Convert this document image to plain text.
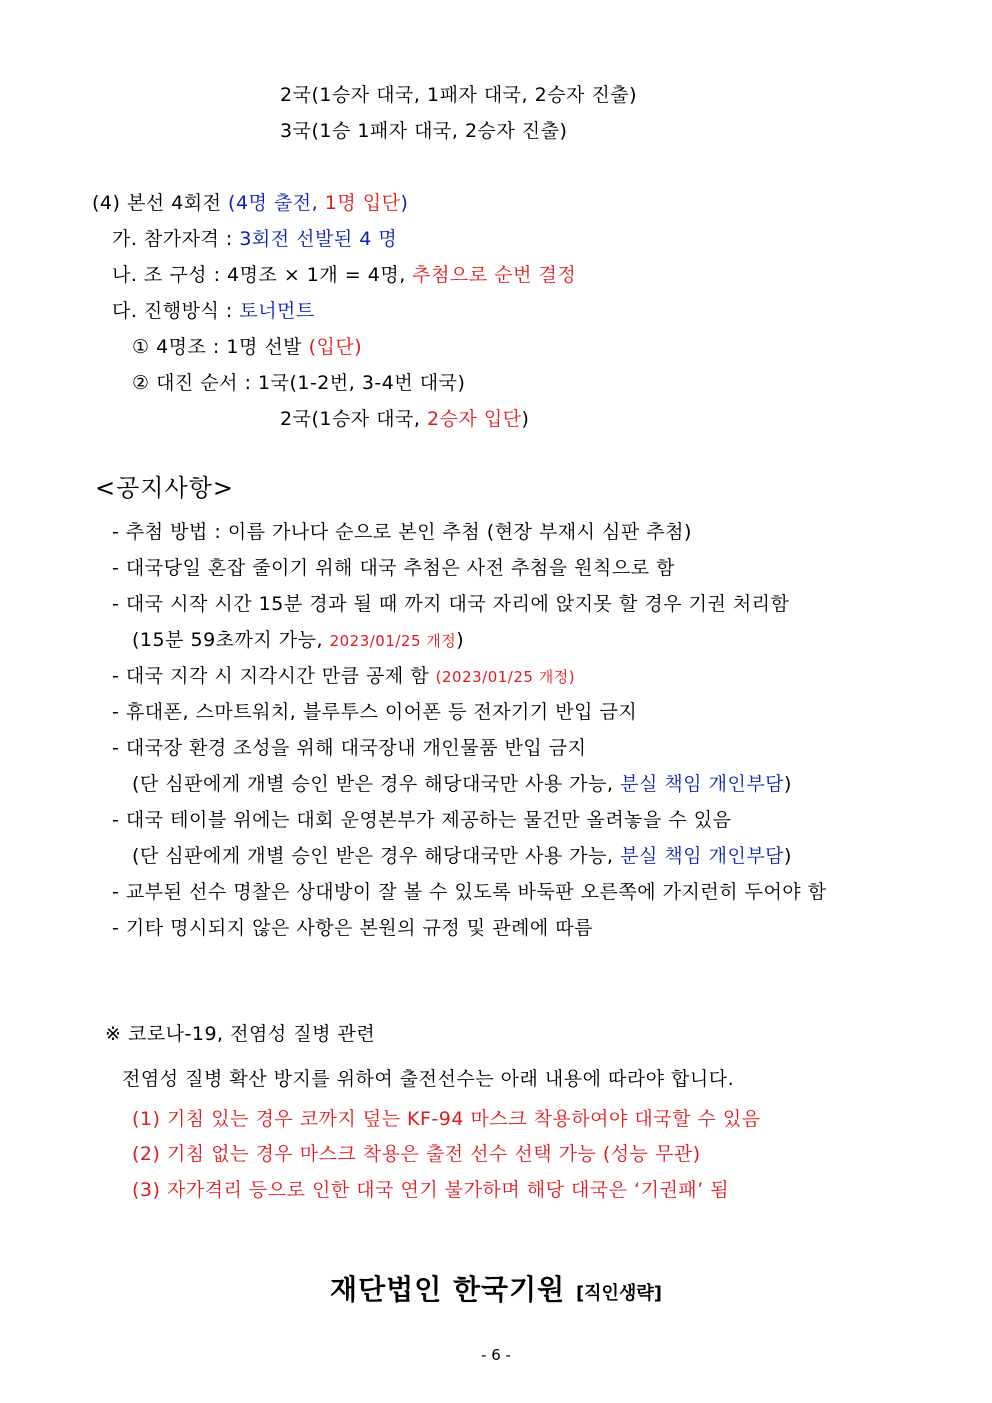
2국(1승자 대국, 1패자 대국, 2승자 진출)
3국(1승 1패자 대국, 2승자 진출)
(4) 본선 4회전 (4명 출전, 1명 입단)
가. 참가자격 : 3회전 선발된 4 명
나. 조 구성 : 4명조 × 1개 = 4명, 추첨으로 순번 결정
다. 진행방식 : 토너먼트
① 4명조 : 1명 선발 (입단)
② 대진 순서 : 1국(1-2번, 3-4번 대국)
2국(1승자 대국, 2승자 입단)
<공지사항>
- 추첨 방법 : 이름 가나다 순으로 본인 추첨 (현장 부재시 심판 추첨)
- 대국당일 혼잡 줄이기 위해 대국 추첨은 사전 추첨을 원칙으로 함
- 대국 시작 시간 15분 경과 될 때 까지 대국 자리에 앉지못 할 경우 기권 처리함
(15분 59초까지 가능, 2023/01/25 개정)
- 대국 지각 시 지각시간 만큼 공제 함 (2023/01/25 개정)
- 휴대폰, 스마트워치, 블루투스 이어폰 등 전자기기 반입 금지
- 대국장 환경 조성을 위해 대국장내 개인물품 반입 금지
(단 심판에게 개별 승인 받은 경우 해당대국만 사용 가능, 분실 책임 개인부담)
- 대국 테이블 위에는 대회 운영본부가 제공하는 물건만 올려놓을 수 있음
(단 심판에게 개별 승인 받은 경우 해당대국만 사용 가능, 분실 책임 개인부담)
- 교부된 선수 명찰은 상대방이 잘 볼 수 있도록 바둑판 오른쪽에 가지런히 두어야 함
- 기타 명시되지 않은 사항은 본원의 규정 및 관례에 따름
※ 코로나-19, 전염성 질병 관련
전염성 질병 확산 방지를 위하여 출전선수는 아래 내용에 따라야 합니다.
(1) 기침 있는 경우 코까지 덮는 KF-94 마스크 착용하여야 대국할 수 있음
(2) 기침 없는 경우 마스크 착용은 출전 선수 선택 가능 (성능 무관)
(3) 자가격리 등으로 인한 대국 연기 불가하며 해당 대국은 ‘기권패’ 됨
재단법인 한국기원 [직인생략]
- 6 -
